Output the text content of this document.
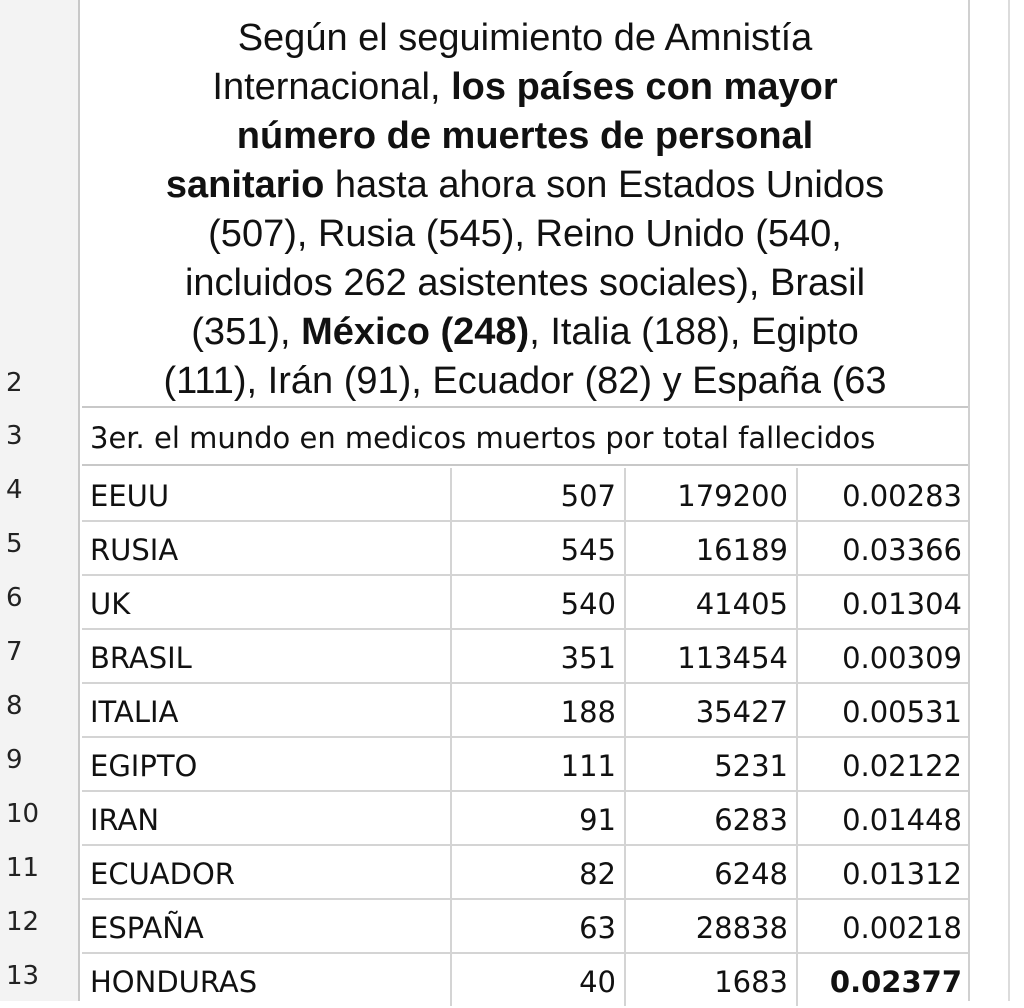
2
3
4
5
6
7
8
9
10
11
12
13
Según el seguimiento de Amnistía
Internacional, los países con mayor
número de muertes de personal
sanitario hasta ahora son Estados Unidos
(507), Rusia (545), Reino Unido (540,
incluidos 262 asistentes sociales), Brasil
(351), México (248), Italia (188), Egipto
(111), Irán (91), Ecuador (82) y España (63
3er. el mundo en medicos muertos por total fallecidos
EEUU	507	179200	0.00283
RUSIA	545	16189	0.03366
UK	540	41405	0.01304
BRASIL	351	113454	0.00309
ITALIA	188	35427	0.00531
EGIPTO	111	5231	0.02122
IRAN	91	6283	0.01448
ECUADOR	82	6248	0.01312
ESPAÑA	63	28838	0.00218
HONDURAS	40	1683	0.02377
